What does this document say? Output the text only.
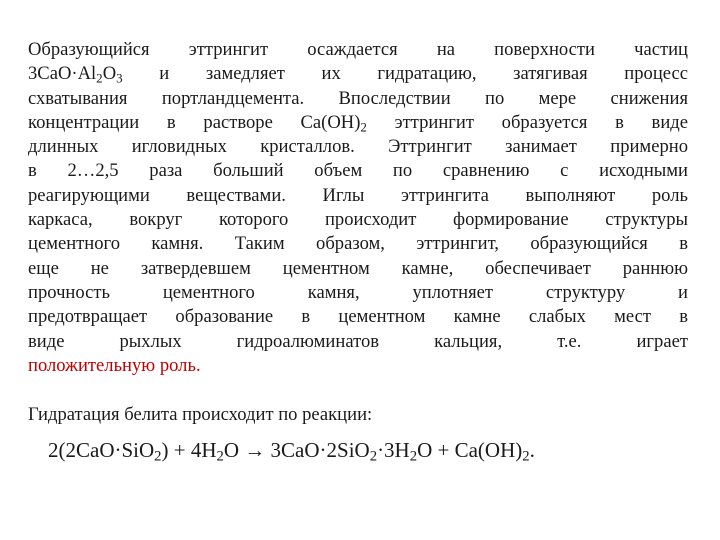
Образующийся эттрингит осаждается на поверхности частиц
$3CaO\cdot Al_2O_3$ и замедляет их гидратацию, затягивая процесс
схватывания портландцемента. Впоследствии по мере снижения
концентрации в растворе $Ca(OH)_2$ эттрингит образуется в виде
длинных игловидных кристаллов. Эттрингит занимает примерно
в 2…2,5 раза больший объем по сравнению с исходными
реагирующими веществами. Иглы эттрингита выполняют роль
каркаса, вокруг которого происходит формирование структуры
цементного камня. Таким образом, эттрингит, образующийся в
еще не затвердевшем цементном камне, обеспечивает раннюю
прочность цементного камня, уплотняет структуру и
предотвращает образование в цементном камне слабых мест в
виде рыхлых гидроалюминатов кальция, т.е. играет
положительную роль.

Гидратация белита происходит по реакции:

$2(2CaO\cdot SiO_2) + 4H_2O \to 3CaO\cdot 2SiO_2\cdot 3H_2O + Ca(OH)_2$.
